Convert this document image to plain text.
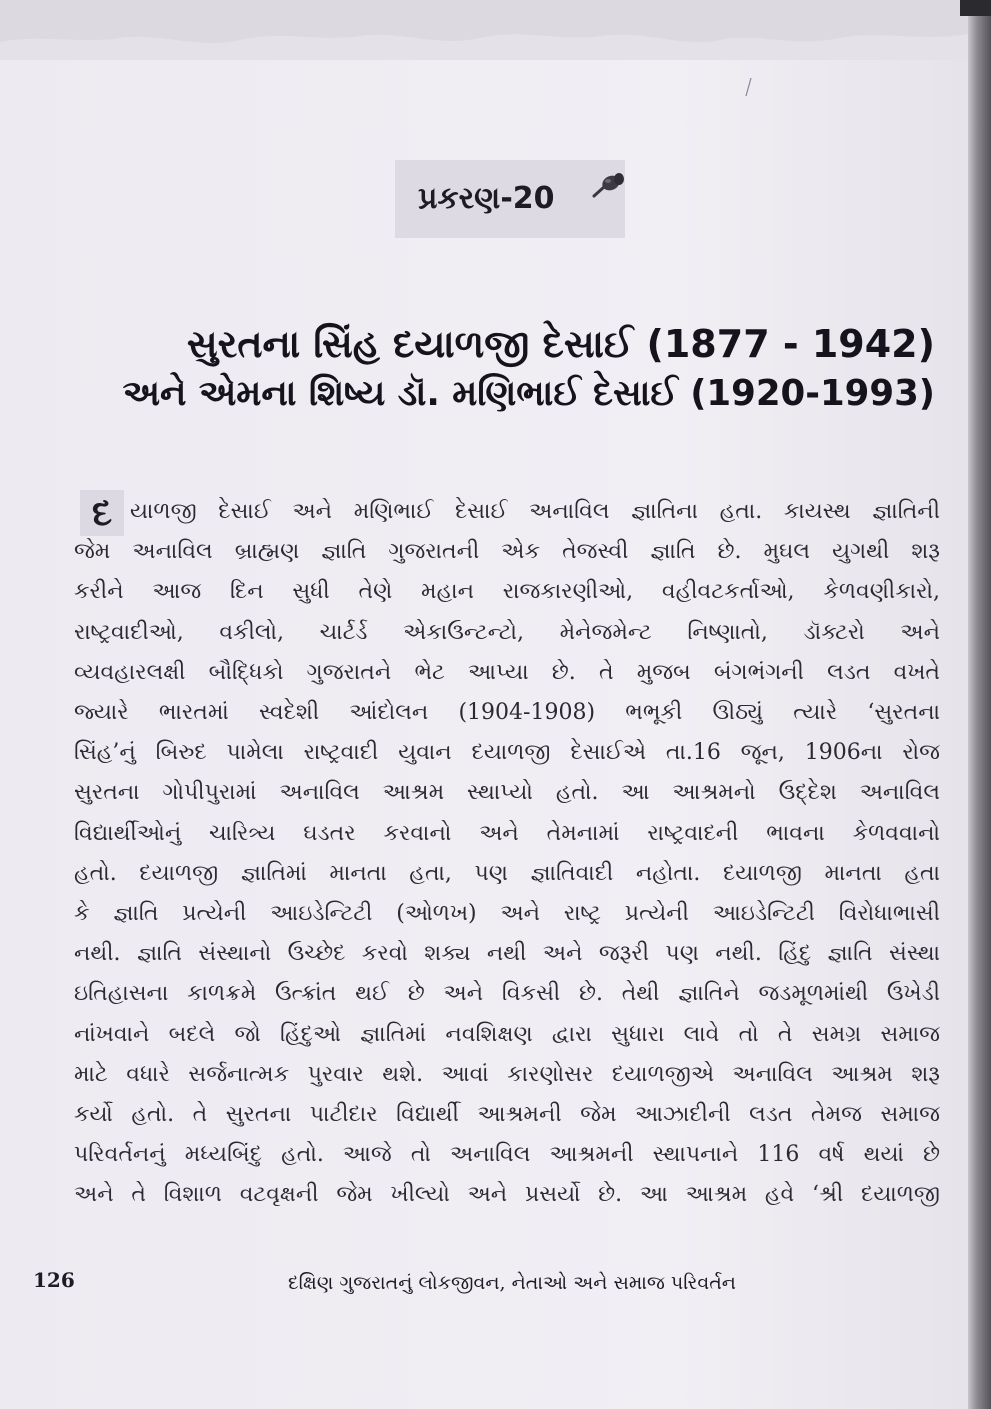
પ્રકરણ-20
સુરતના સિંહ દયાળજી દેસાઈ (1877 - 1942)
અને એમના શિષ્ય ડૉ. મણિભાઈ દેસાઈ (1920-1993)
દ યાળજી દેસાઈ અને મણિભાઈ દેસાઈ અનાવિલ જ્ઞાતિના હતા. કાયસ્થ જ્ઞાતિની
જેમ અનાવિલ બ્રાહ્મણ જ્ઞાતિ ગુજરાતની એક તેજસ્વી જ્ઞાતિ છે. મુઘલ યુગથી શરૂ
કરીને આજ દિન સુધી તેણે મહાન રાજકારણીઓ, વહીવટકર્તાઓ, કેળવણીકારો,
રાષ્ટ્રવાદીઓ, વકીલો, ચાર્ટર્ડ એકાઉન્ટન્ટો, મેનેજમેન્ટ નિષ્ણાતો, ડૉક્ટરો અને
વ્યવહારલક્ષી બૌદ્ધિકો ગુજરાતને ભેટ આપ્યા છે. તે મુજબ બંગભંગની લડત વખતે
જ્યારે ભારતમાં સ્વદેશી આંદોલન (1904-1908) ભભૂકી ઊઠ્યું ત્યારે ‘સુરતના
સિંહ’નું બિરુદ પામેલા રાષ્ટ્રવાદી યુવાન દયાળજી દેસાઈએ તા.16 જૂન, 1906ના રોજ
સુરતના ગોપીપુરામાં અનાવિલ આશ્રમ સ્થાપ્યો હતો. આ આશ્રમનો ઉદ્દેશ અનાવિલ
વિદ્યાર્થીઓનું ચારિત્ર્ય ઘડતર કરવાનો અને તેમનામાં રાષ્ટ્રવાદની ભાવના કેળવવાનો
હતો. દયાળજી જ્ઞાતિમાં માનતા હતા, પણ જ્ઞાતિવાદી નહોતા. દયાળજી માનતા હતા
કે જ્ઞાતિ પ્રત્યેની આઇડેન્ટિટી (ઓળખ) અને રાષ્ટ્ર પ્રત્યેની આઇડેન્ટિટી વિરોધાભાસી
નથી. જ્ઞાતિ સંસ્થાનો ઉચ્છેદ કરવો શક્ય નથી અને જરૂરી પણ નથી. હિંદુ જ્ઞાતિ સંસ્થા
ઇતિહાસના કાળક્રમે ઉત્ક્રાંત થઈ છે અને વિકસી છે. તેથી જ્ઞાતિને જડમૂળમાંથી ઉખેડી
નાંખવાને બદલે જો હિંદુઓ જ્ઞાતિમાં નવશિક્ષણ દ્વારા સુધારા લાવે તો તે સમગ્ર સમાજ
માટે વધારે સર્જનાત્મક પુરવાર થશે. આવાં કારણોસર દયાળજીએ અનાવિલ આશ્રમ શરૂ
કર્યો હતો. તે સુરતના પાટીદાર વિદ્યાર્થી આશ્રમની જેમ આઝાદીની લડત તેમજ સમાજ
પરિવર્તનનું મધ્યબિંદુ હતો. આજે તો અનાવિલ આશ્રમની સ્થાપનાને 116 વર્ષ થયાં છે
અને તે વિશાળ વટવૃક્ષની જેમ ખીલ્યો અને પ્રસર્યો છે. આ આશ્રમ હવે ‘શ્રી દયાળજી
126	દક્ષિણ ગુજરાતનું લોકજીવન, નેતાઓ અને સમાજ પરિવર્તન
